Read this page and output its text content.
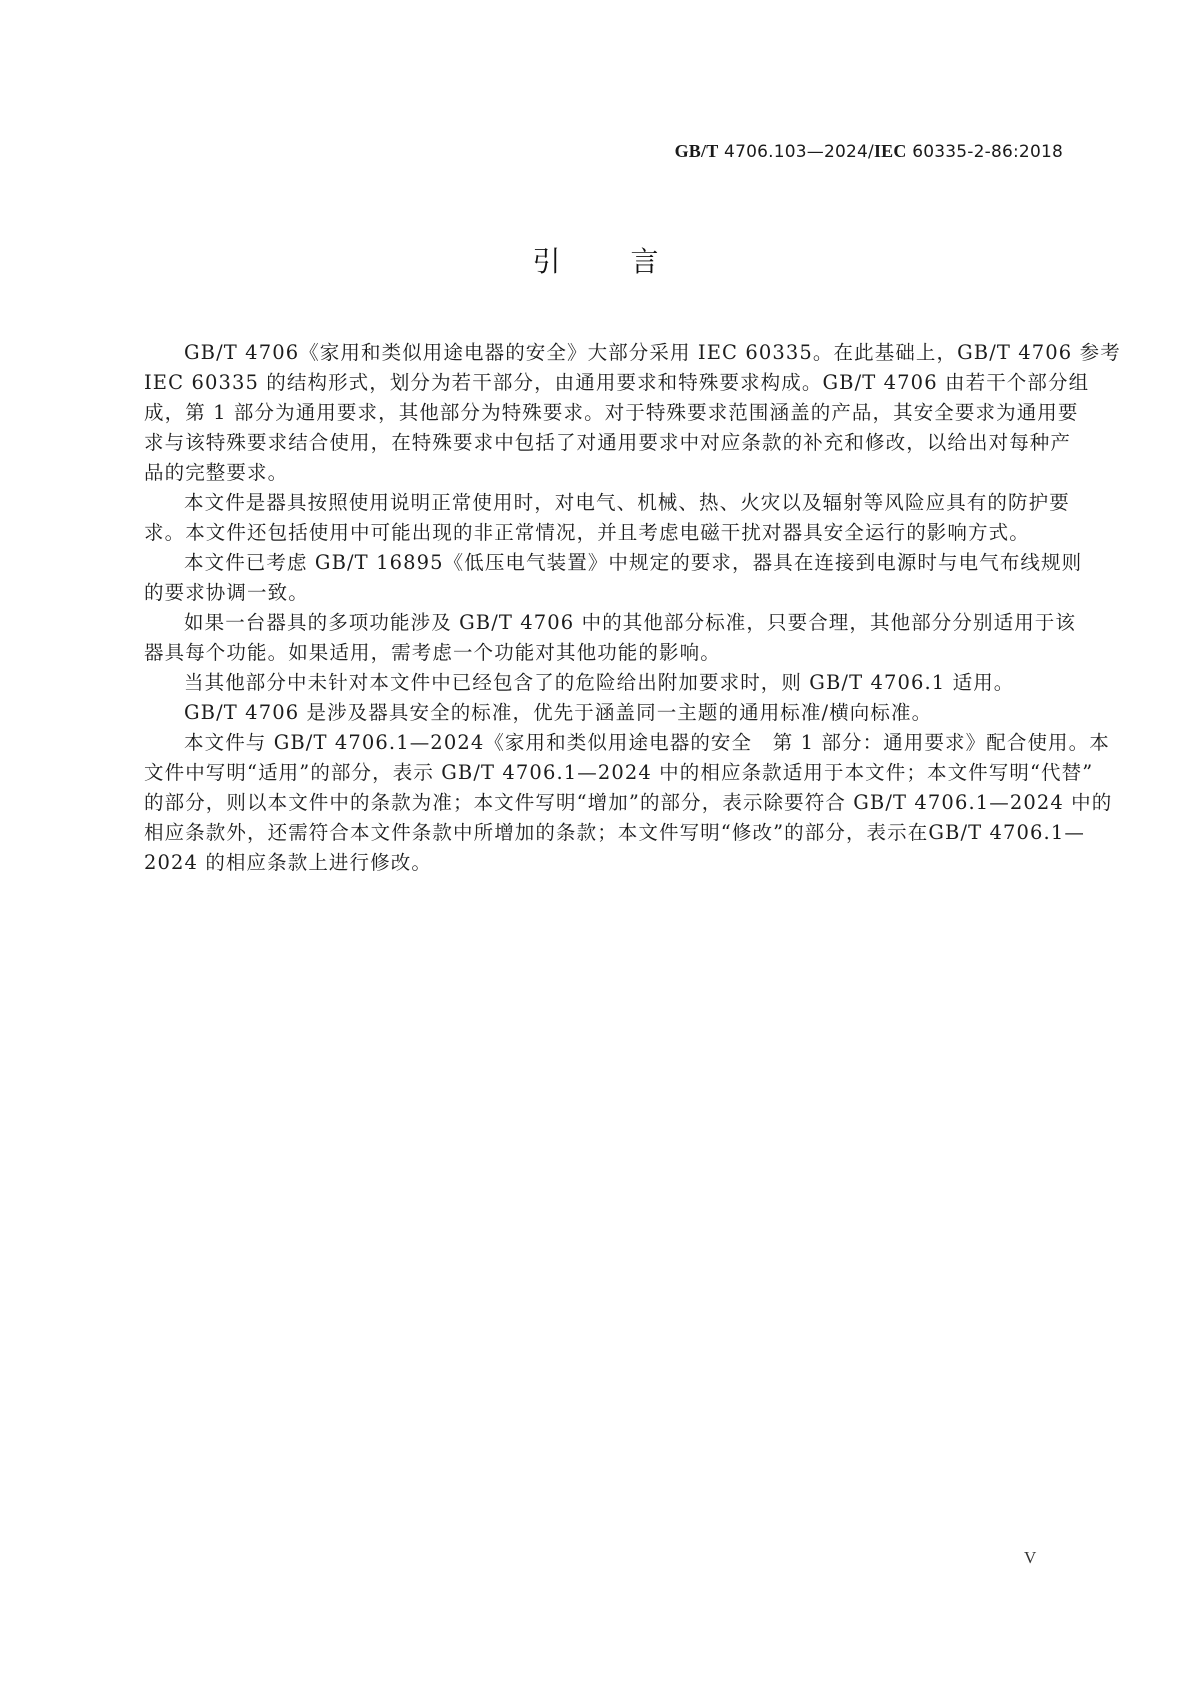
GB/T 4706.103—2024/IEC 60335-2-86:2018
引言
GB/T 4706《家用和类似用途电器的安全》大部分采用 IEC 60335。在此基础上，GB/T 4706 参考
IEC 60335 的结构形式，划分为若干部分，由通用要求和特殊要求构成。GB/T 4706 由若干个部分组
成，第 1 部分为通用要求，其他部分为特殊要求。对于特殊要求范围涵盖的产品，其安全要求为通用要
求与该特殊要求结合使用，在特殊要求中包括了对通用要求中对应条款的补充和修改，以给出对每种产
品的完整要求。
本文件是器具按照使用说明正常使用时，对电气、机械、热、火灾以及辐射等风险应具有的防护要
求。本文件还包括使用中可能出现的非正常情况，并且考虑电磁干扰对器具安全运行的影响方式。
本文件已考虑 GB/T 16895《低压电气装置》中规定的要求，器具在连接到电源时与电气布线规则
的要求协调一致。
如果一台器具的多项功能涉及 GB/T 4706 中的其他部分标准，只要合理，其他部分分别适用于该
器具每个功能。如果适用，需考虑一个功能对其他功能的影响。
当其他部分中未针对本文件中已经包含了的危险给出附加要求时，则 GB/T 4706.1 适用。
GB/T 4706 是涉及器具安全的标准，优先于涵盖同一主题的通用标准/横向标准。
本文件与 GB/T 4706.1—2024《家用和类似用途电器的安全　第 1 部分：通用要求》配合使用。本
文件中写明“适用”的部分，表示 GB/T 4706.1—2024 中的相应条款适用于本文件；本文件写明“代替”
的部分，则以本文件中的条款为准；本文件写明“增加”的部分，表示除要符合 GB/T 4706.1—2024 中的
相应条款外，还需符合本文件条款中所增加的条款；本文件写明“修改”的部分，表示在GB/T 4706.1—
2024 的相应条款上进行修改。
V
